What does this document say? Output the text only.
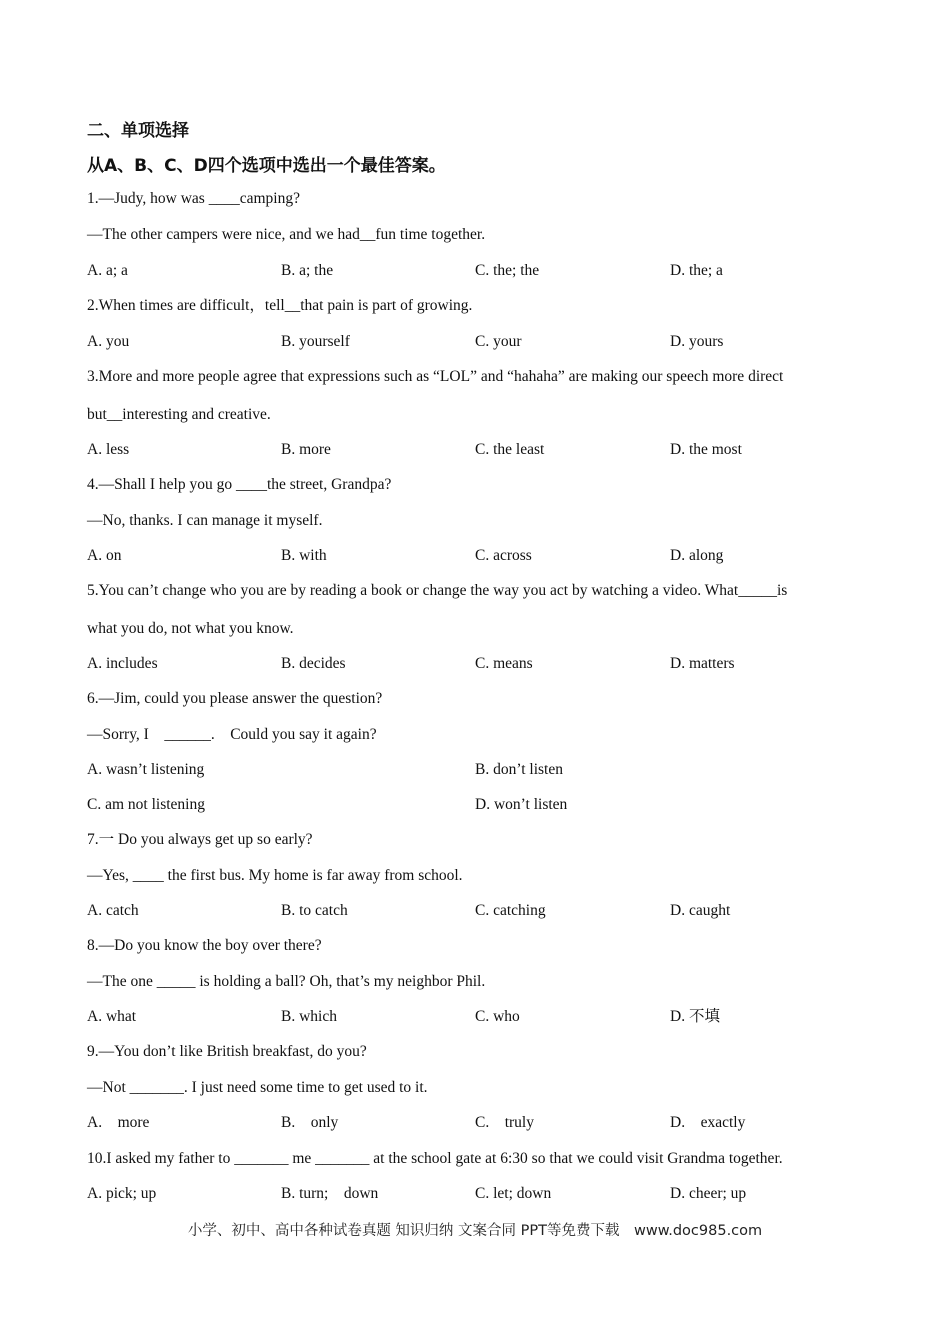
二、单项选择
从A、B、C、D四个选项中选出一个最佳答案。
1.—Judy, how was ____camping?
—The other campers were nice, and we had__fun time together.
A. a; a	B. a; the	C. the; the	D. the; a
2.When times are difficult，tell__that pain is part of growing.
A. you	B. yourself	C. your	D. yours
3.More and more people agree that expressions such as “LOL” and “hahaha” are making our speech more direct
but__interesting and creative.
A. less	B. more	C. the least	D. the most
4.—Shall I help you go ____the street, Grandpa?
—No, thanks. I can manage it myself.
A. on	B. with	C. across	D. along
5.You can’t change who you are by reading a book or change the way you act by watching a video. What_____is
what you do, not what you know.
A. includes	B. decides	C. means	D. matters
6.—Jim, could you please answer the question?
—Sorry, I　______.　Could you say it again?
A. wasn’t listening	B. don’t listen
C. am not listening	D. won’t listen
7.一 Do you always get up so early?
—Yes, ____ the first bus. My home is far away from school.
A. catch	B. to catch	C. catching	D. caught
8.—Do you know the boy over there?
—The one _____ is holding a ball? Oh, that’s my neighbor Phil.
A. what	B. which	C. who	D. 不填
9.—You don’t like British breakfast, do you?
—Not _______. I just need some time to get used to it.
A.　more	B.　only	C.　truly	D.　exactly
10.I asked my father to _______ me _______ at the school gate at 6:30 so that we could visit Grandma together.
A. pick; up	B. turn;　down	C. let; down	D. cheer; up
小学、初中、高中各种试卷真题 知识归纳 文案合同 PPT等免费下载　www.doc985.com
